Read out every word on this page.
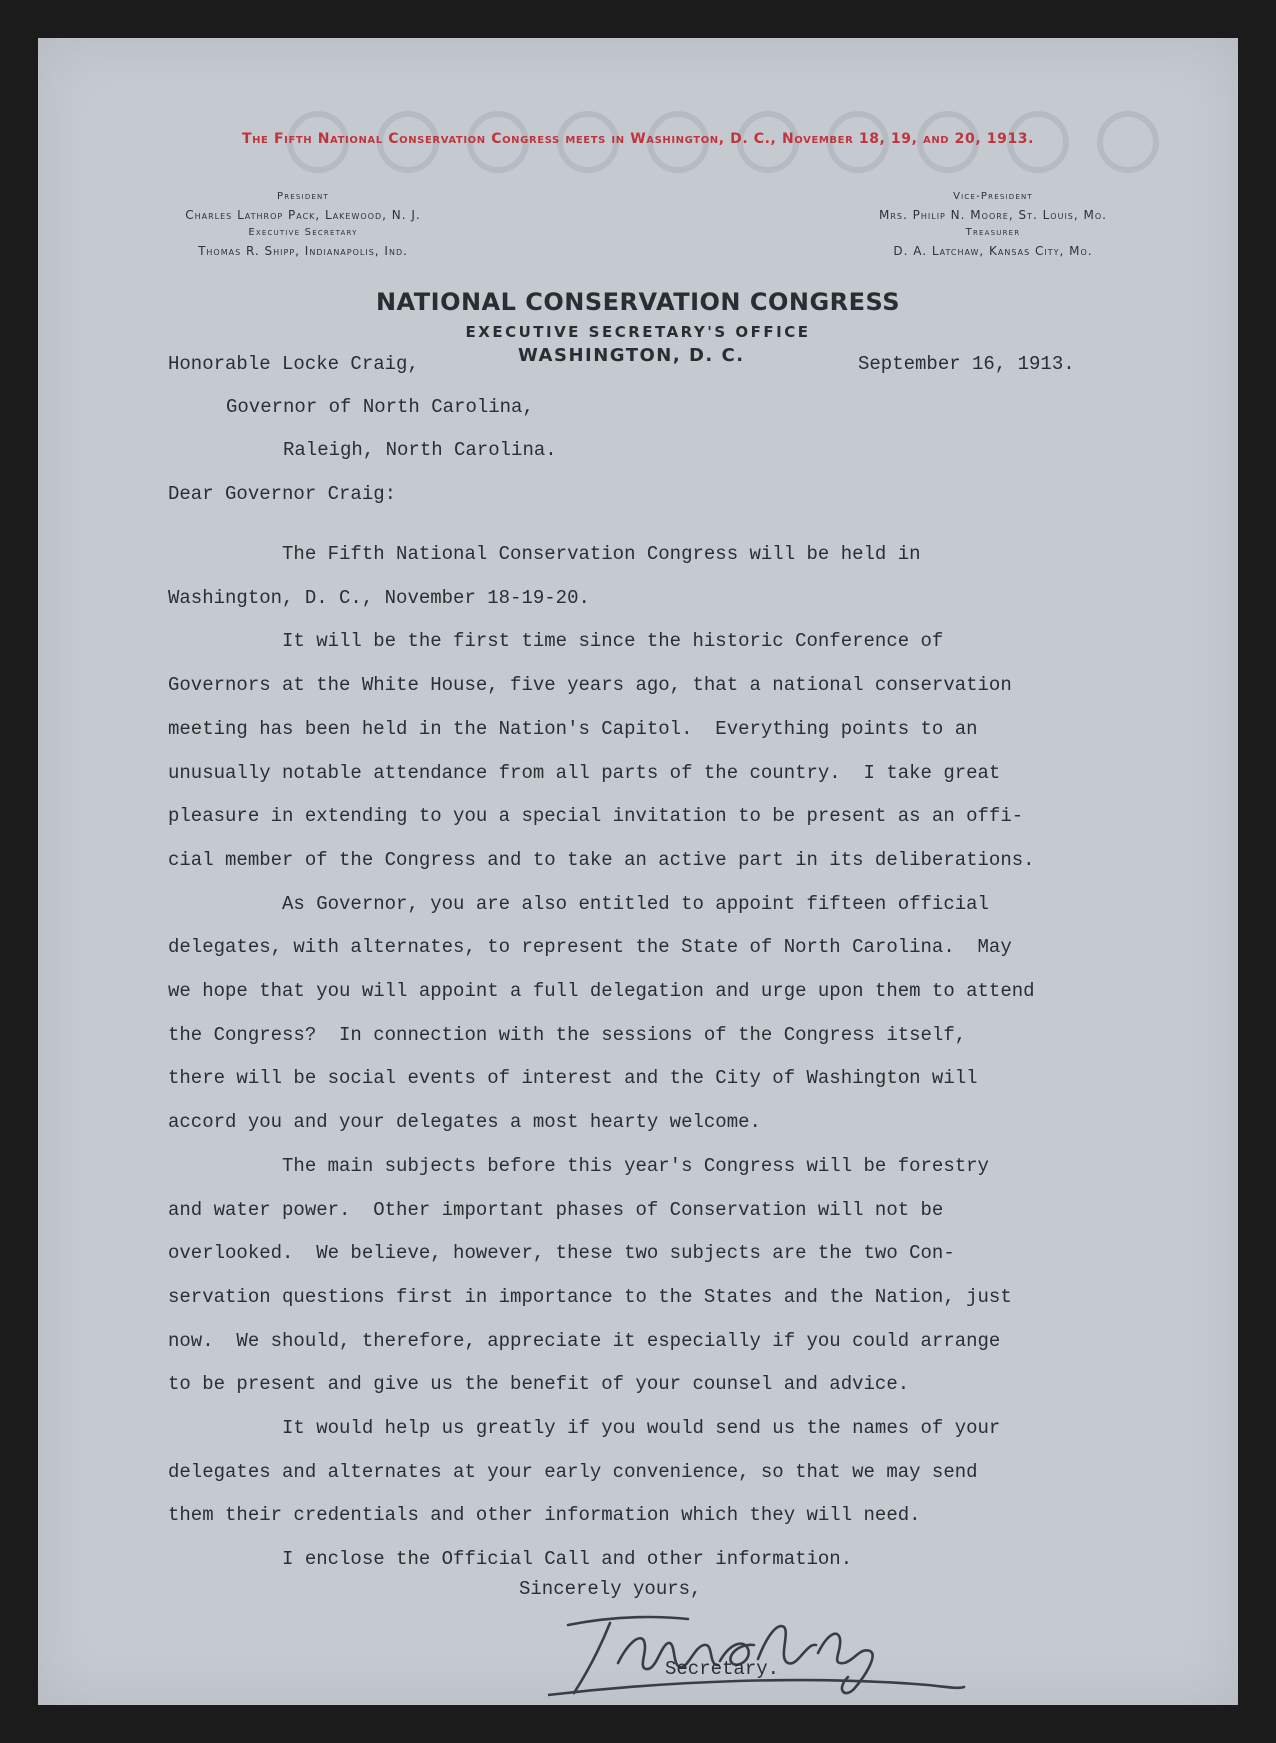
The Fifth National Conservation Congress meets in Washington, D. C., November 18, 19, and 20, 1913.
President
Charles Lathrop Pack, Lakewood, N. J.
Executive Secretary
Thomas R. Shipp, Indianapolis, Ind.
Vice-President
Mrs. Philip N. Moore, St. Louis, Mo.
Treasurer
D. A. Latchaw, Kansas City, Mo.
NATIONAL CONSERVATION CONGRESS
EXECUTIVE SECRETARY'S OFFICE
WASHINGTON, D. C.	September 16, 1913.
Honorable Locke Craig,
Governor of North Carolina,
Raleigh, North Carolina.
Dear Governor Craig:
The Fifth National Conservation Congress will be held in
Washington, D. C., November 18-19-20.
It will be the first time since the historic Conference of
Governors at the White House, five years ago, that a national conservation
meeting has been held in the Nation's Capitol.  Everything points to an
unusually notable attendance from all parts of the country.  I take great
pleasure in extending to you a special invitation to be present as an offi-
cial member of the Congress and to take an active part in its deliberations.
As Governor, you are also entitled to appoint fifteen official
delegates, with alternates, to represent the State of North Carolina.  May
we hope that you will appoint a full delegation and urge upon them to attend
the Congress?  In connection with the sessions of the Congress itself,
there will be social events of interest and the City of Washington will
accord you and your delegates a most hearty welcome.
The main subjects before this year's Congress will be forestry
and water power.  Other important phases of Conservation will not be
overlooked.  We believe, however, these two subjects are the two Con-
servation questions first in importance to the States and the Nation, just
now.  We should, therefore, appreciate it especially if you could arrange
to be present and give us the benefit of your counsel and advice.
It would help us greatly if you would send us the names of your
delegates and alternates at your early convenience, so that we may send
them their credentials and other information which they will need.
I enclose the Official Call and other information.
Sincerely yours,
Secretary.
